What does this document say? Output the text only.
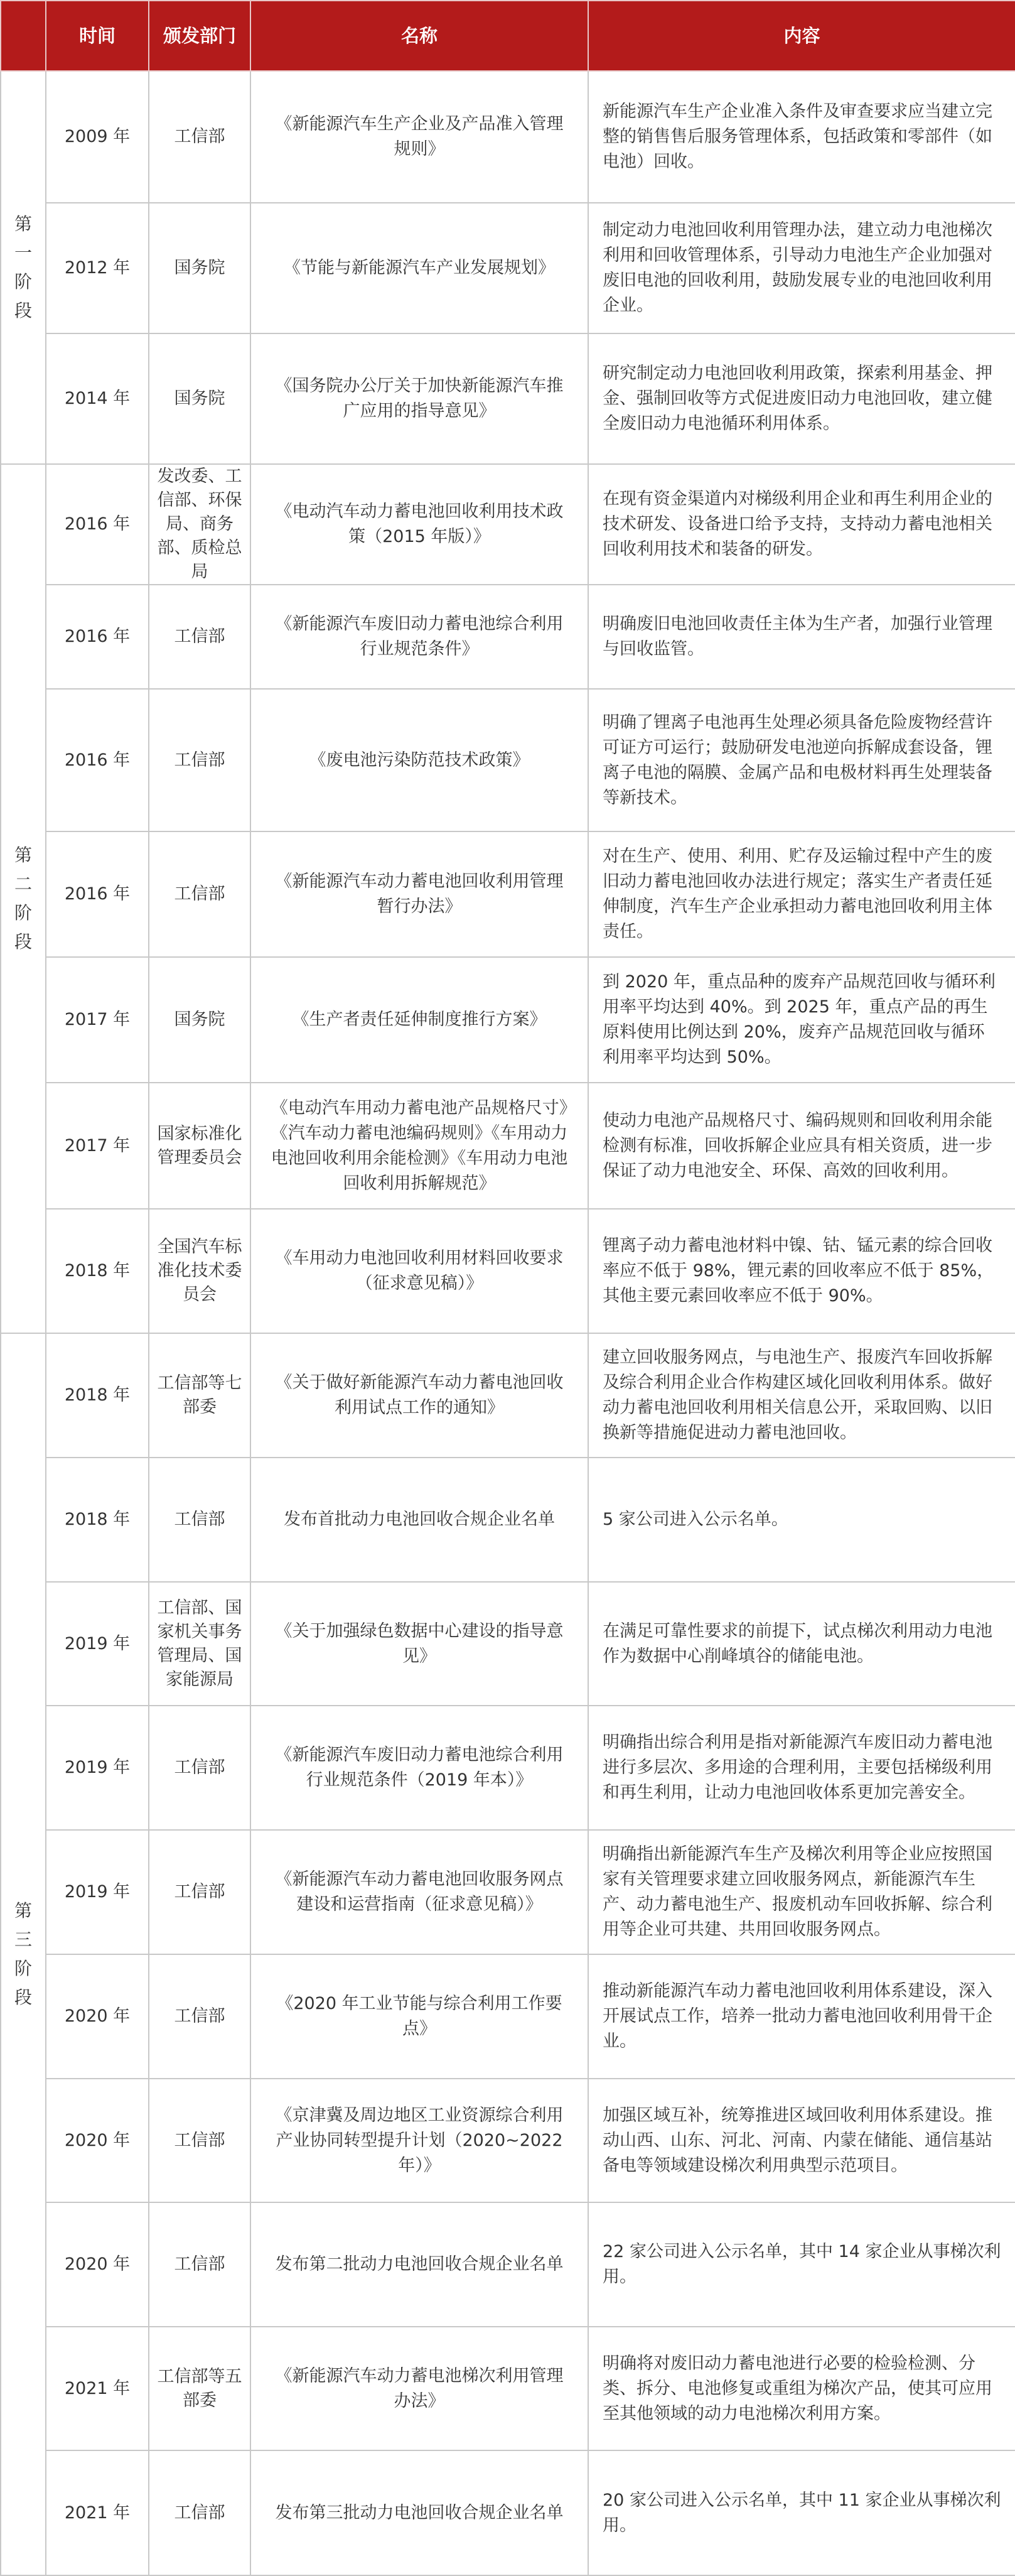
	时间	颁发部门	名称	内容
第一阶段	2009 年	工信部	《新能源汽车生产企业及产品准入管理规则》	新能源汽车生产企业准入条件及审查要求应当建立完整的销售售后服务管理体系，包括政策和零部件（如电池）回收。
	2012 年	国务院	《节能与新能源汽车产业发展规划》	制定动力电池回收利用管理办法，建立动力电池梯次利用和回收管理体系，引导动力电池生产企业加强对废旧电池的回收利用，鼓励发展专业的电池回收利用企业。
	2014 年	国务院	《国务院办公厅关于加快新能源汽车推广应用的指导意见》	研究制定动力电池回收利用政策，探索利用基金、押金、强制回收等方式促进废旧动力电池回收，建立健全废旧动力电池循环利用体系。
第二阶段	2016 年	发改委、工信部、环保局、商务部、质检总局	《电动汽车动力蓄电池回收利用技术政策（2015 年版）》	在现有资金渠道内对梯级利用企业和再生利用企业的技术研发、设备进口给予支持，支持动力蓄电池相关回收利用技术和装备的研发。
	2016 年	工信部	《新能源汽车废旧动力蓄电池综合利用行业规范条件》	明确废旧电池回收责任主体为生产者，加强行业管理与回收监管。
	2016 年	工信部	《废电池污染防范技术政策》	明确了锂离子电池再生处理必须具备危险废物经营许可证方可运行；鼓励研发电池逆向拆解成套设备，锂离子电池的隔膜、金属产品和电极材料再生处理装备等新技术。
	2016 年	工信部	《新能源汽车动力蓄电池回收利用管理暂行办法》	对在生产、使用、利用、贮存及运输过程中产生的废旧动力蓄电池回收办法进行规定；落实生产者责任延伸制度，汽车生产企业承担动力蓄电池回收利用主体责任。
	2017 年	国务院	《生产者责任延伸制度推行方案》	到 2020 年，重点品种的废弃产品规范回收与循环利用率平均达到 40%。到 2025 年，重点产品的再生原料使用比例达到 20%，废弃产品规范回收与循环利用率平均达到 50%。
	2017 年	国家标准化管理委员会	《电动汽车用动力蓄电池产品规格尺寸》《汽车动力蓄电池编码规则》《车用动力电池回收利用余能检测》《车用动力电池回收利用拆解规范》	使动力电池产品规格尺寸、编码规则和回收利用余能检测有标准，回收拆解企业应具有相关资质，进一步保证了动力电池安全、环保、高效的回收利用。
	2018 年	全国汽车标准化技术委员会	《车用动力电池回收利用材料回收要求（征求意见稿）》	锂离子动力蓄电池材料中镍、钴、锰元素的综合回收率应不低于 98%，锂元素的回收率应不低于 85%，其他主要元素回收率应不低于 90%。
第三阶段	2018 年	工信部等七部委	《关于做好新能源汽车动力蓄电池回收利用试点工作的通知》	建立回收服务网点，与电池生产、报废汽车回收拆解及综合利用企业合作构建区域化回收利用体系。做好动力蓄电池回收利用相关信息公开，采取回购、以旧换新等措施促进动力蓄电池回收。
	2018 年	工信部	发布首批动力电池回收合规企业名单	5 家公司进入公示名单。
	2019 年	工信部、国家机关事务管理局、国家能源局	《关于加强绿色数据中心建设的指导意见》	在满足可靠性要求的前提下，试点梯次利用动力电池作为数据中心削峰填谷的储能电池。
	2019 年	工信部	《新能源汽车废旧动力蓄电池综合利用行业规范条件（2019 年本）》	明确指出综合利用是指对新能源汽车废旧动力蓄电池进行多层次、多用途的合理利用，主要包括梯级利用和再生利用，让动力电池回收体系更加完善安全。
	2019 年	工信部	《新能源汽车动力蓄电池回收服务网点建设和运营指南（征求意见稿）》	明确指出新能源汽车生产及梯次利用等企业应按照国家有关管理要求建立回收服务网点，新能源汽车生产、动力蓄电池生产、报废机动车回收拆解、综合利用等企业可共建、共用回收服务网点。
	2020 年	工信部	《2020 年工业节能与综合利用工作要点》	推动新能源汽车动力蓄电池回收利用体系建设，深入开展试点工作，培养一批动力蓄电池回收利用骨干企业。
	2020 年	工信部	《京津冀及周边地区工业资源综合利用产业协同转型提升计划（2020~2022 年）》	加强区域互补，统筹推进区域回收利用体系建设。推动山西、山东、河北、河南、内蒙在储能、通信基站备电等领域建设梯次利用典型示范项目。
	2020 年	工信部	发布第二批动力电池回收合规企业名单	22 家公司进入公示名单，其中 14 家企业从事梯次利用。
	2021 年	工信部等五部委	《新能源汽车动力蓄电池梯次利用管理办法》	明确将对废旧动力蓄电池进行必要的检验检测、分类、拆分、电池修复或重组为梯次产品，使其可应用至其他领域的动力电池梯次利用方案。
	2021 年	工信部	发布第三批动力电池回收合规企业名单	20 家公司进入公示名单，其中 11 家企业从事梯次利用。
